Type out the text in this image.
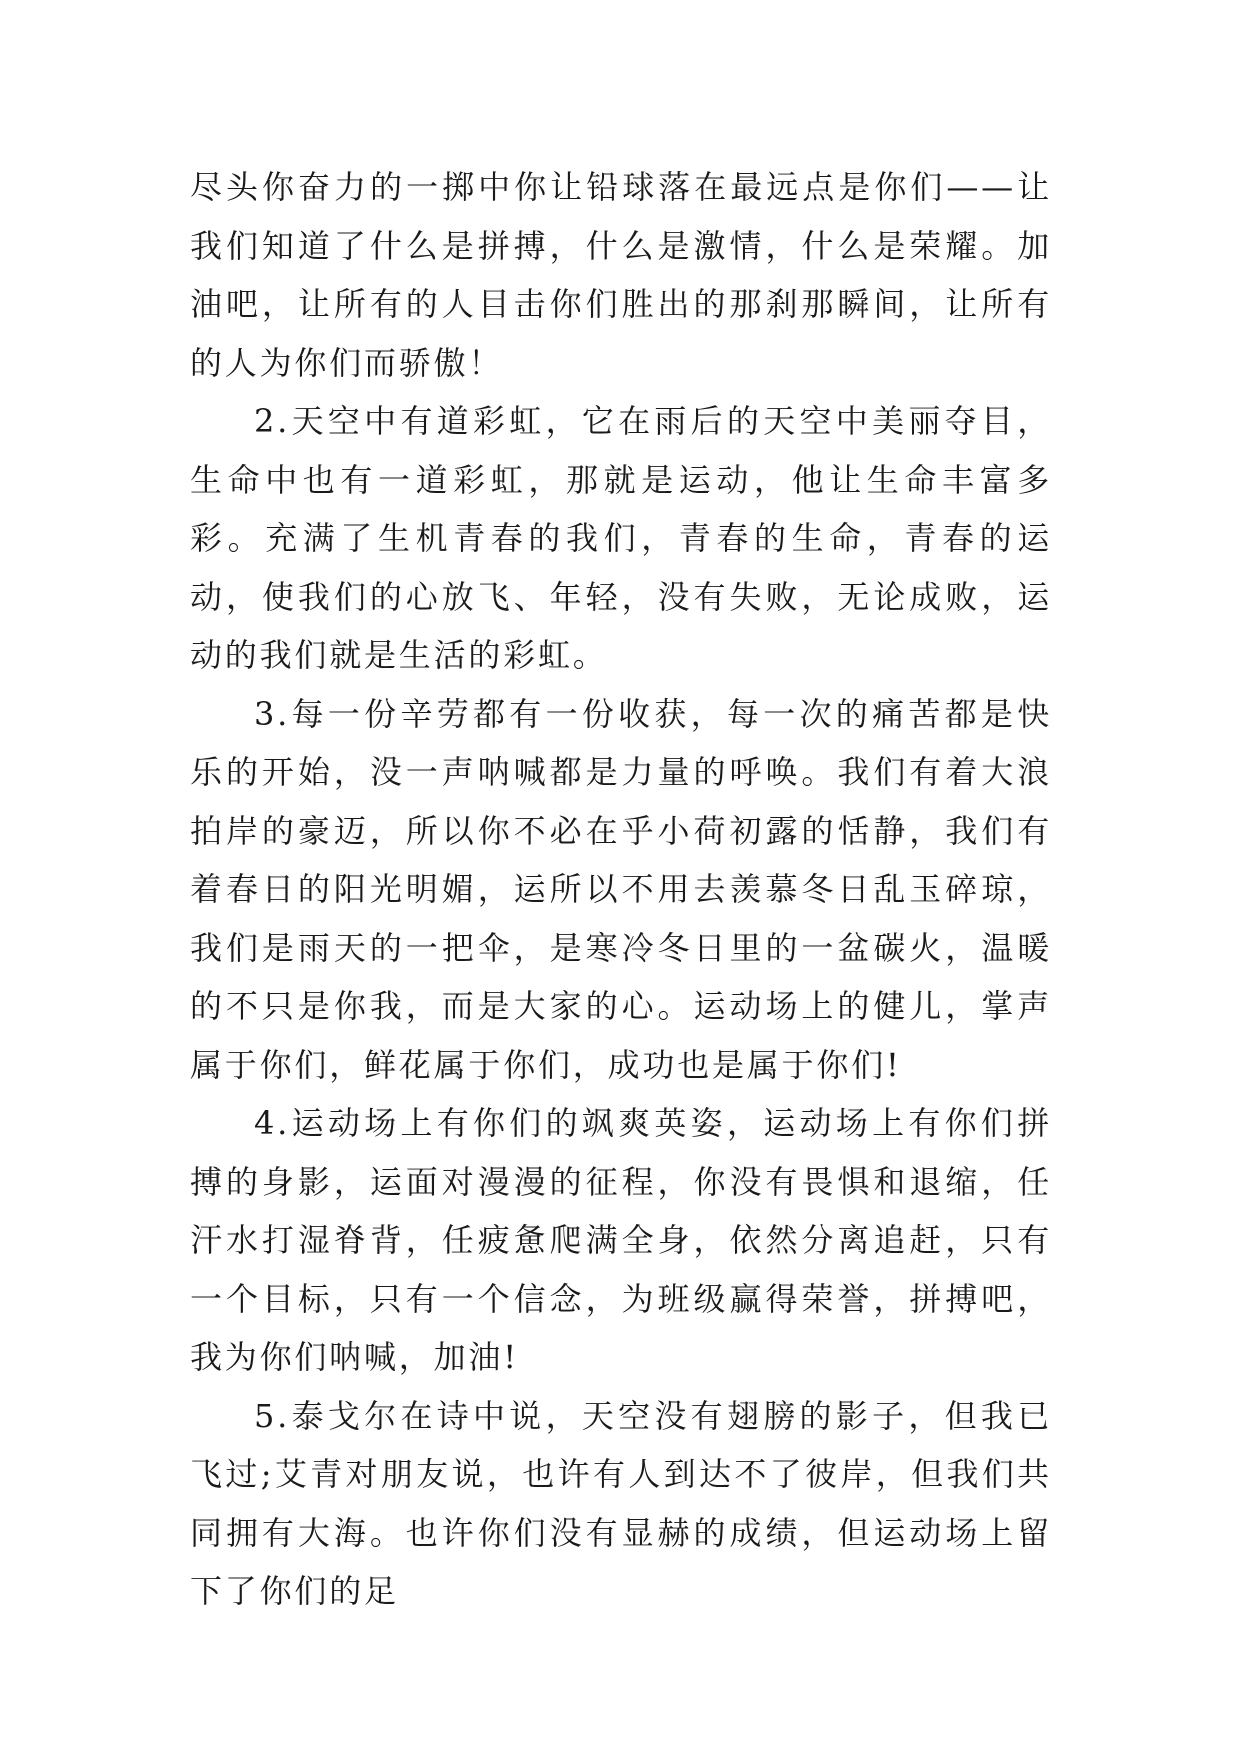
尽头你奋力的一掷中你让铅球落在最远点是你们——让我们知道了什么是拼搏，什么是激情，什么是荣耀。加油吧，让所有的人目击你们胜出的那刹那瞬间，让所有的人为你们而骄傲！

2.天空中有道彩虹，它在雨后的天空中美丽夺目，生命中也有一道彩虹，那就是运动，他让生命丰富多彩。充满了生机青春的我们，青春的生命，青春的运动，使我们的心放飞、年轻，没有失败，无论成败，运动的我们就是生活的彩虹。

3.每一份辛劳都有一份收获，每一次的痛苦都是快乐的开始，没一声呐喊都是力量的呼唤。我们有着大浪拍岸的豪迈，所以你不必在乎小荷初露的恬静，我们有着春日的阳光明媚，运所以不用去羡慕冬日乱玉碎琼，我们是雨天的一把伞，是寒冷冬日里的一盆碳火，温暖的不只是你我，而是大家的心。运动场上的健儿，掌声属于你们，鲜花属于你们，成功也是属于你们!

4.运动场上有你们的飒爽英姿，运动场上有你们拼搏的身影，运面对漫漫的征程，你没有畏惧和退缩，任汗水打湿脊背，任疲惫爬满全身，依然分离追赶，只有一个目标，只有一个信念，为班级赢得荣誉，拼搏吧，我为你们呐喊，加油!

5.泰戈尔在诗中说，天空没有翅膀的影子，但我已飞过;艾青对朋友说，也许有人到达不了彼岸，但我们共同拥有大海。也许你们没有显赫的成绩，但运动场上留下了你们的足
